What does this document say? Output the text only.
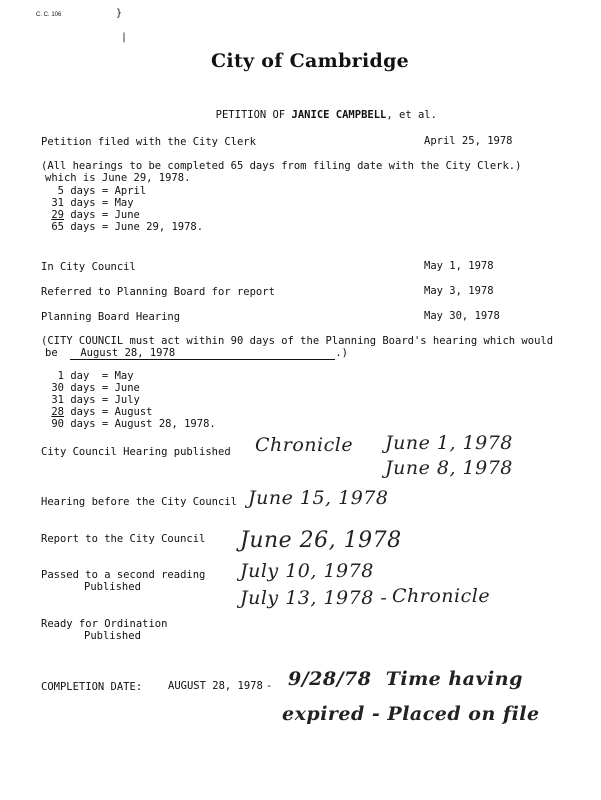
C. C. 106	}
|
City of Cambridge

PETITION OF JANICE CAMPBELL, et al.

Petition filed with the City Clerk	April 25, 1978
(All hearings to be completed 65 days from filing date with the City Clerk.)
which is June 29, 1978.
5 days = April
31 days = May
29 days = June
65 days = June 29, 1978.
In City Council	May 1, 1978
Referred to Planning Board for report	May 3, 1978
Planning Board Hearing	May 30, 1978
(CITY COUNCIL must act within 90 days of the Planning Board's hearing which would
be August 28, 1978	.)
1 day  = May
30 days = June
31 days = July
28 days = August
90 days = August 28, 1978.
City Council Hearing published Chronicle June 1, 1978
June 8, 1978
Hearing before the City Council June 15, 1978
Report to the City Council June 26, 1978
Passed to a second reading
Published
July 10, 1978
July 13, 1978 - Chronicle
Ready for Ordination
Published
COMPLETION DATE: AUGUST 28, 1978 - 9/28/78  Time having
expired - Placed on file
